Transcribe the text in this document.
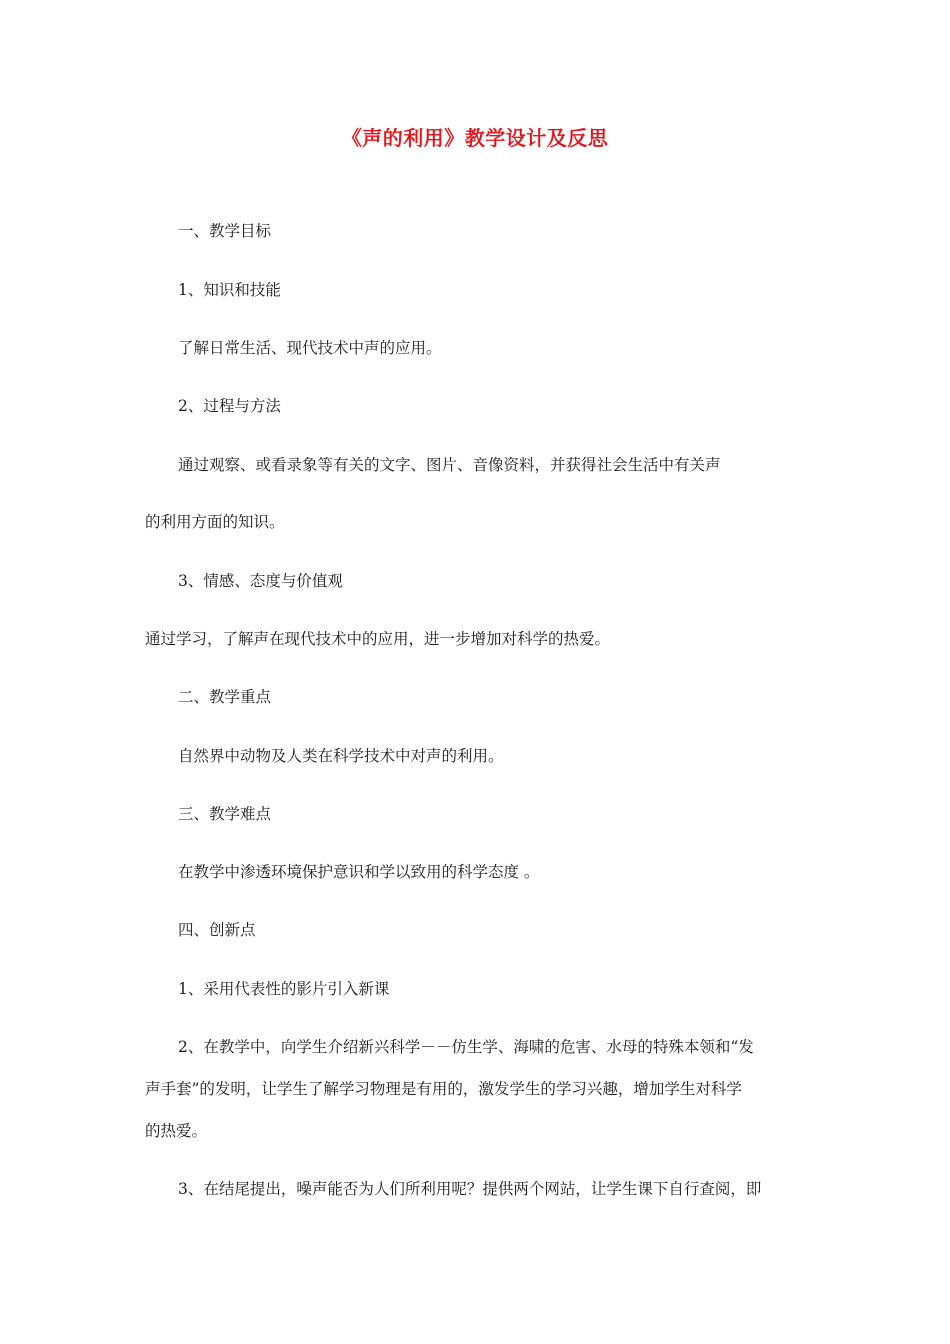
《声的利用》教学设计及反思

一、教学目标

1、知识和技能

了解日常生活、现代技术中声的应用。

2、过程与方法

通过观察、或看录象等有关的文字、图片、音像资料，并获得社会生活中有关声

的利用方面的知识。

3、情感、态度与价值观

通过学习，了解声在现代技术中的应用，进一步增加对科学的热爱。

二、教学重点

自然界中动物及人类在科学技术中对声的利用。

三、教学难点

在教学中渗透环境保护意识和学以致用的科学态度 。

四、创新点

1、采用代表性的影片引入新课

2、在教学中，向学生介绍新兴科学－－仿生学、海啸的危害、水母的特殊本领和“发

声手套”的发明，让学生了解学习物理是有用的，激发学生的学习兴趣，增加学生对科学

的热爱。

3、在结尾提出，噪声能否为人们所利用呢？提供两个网站，让学生课下自行查阅，即
